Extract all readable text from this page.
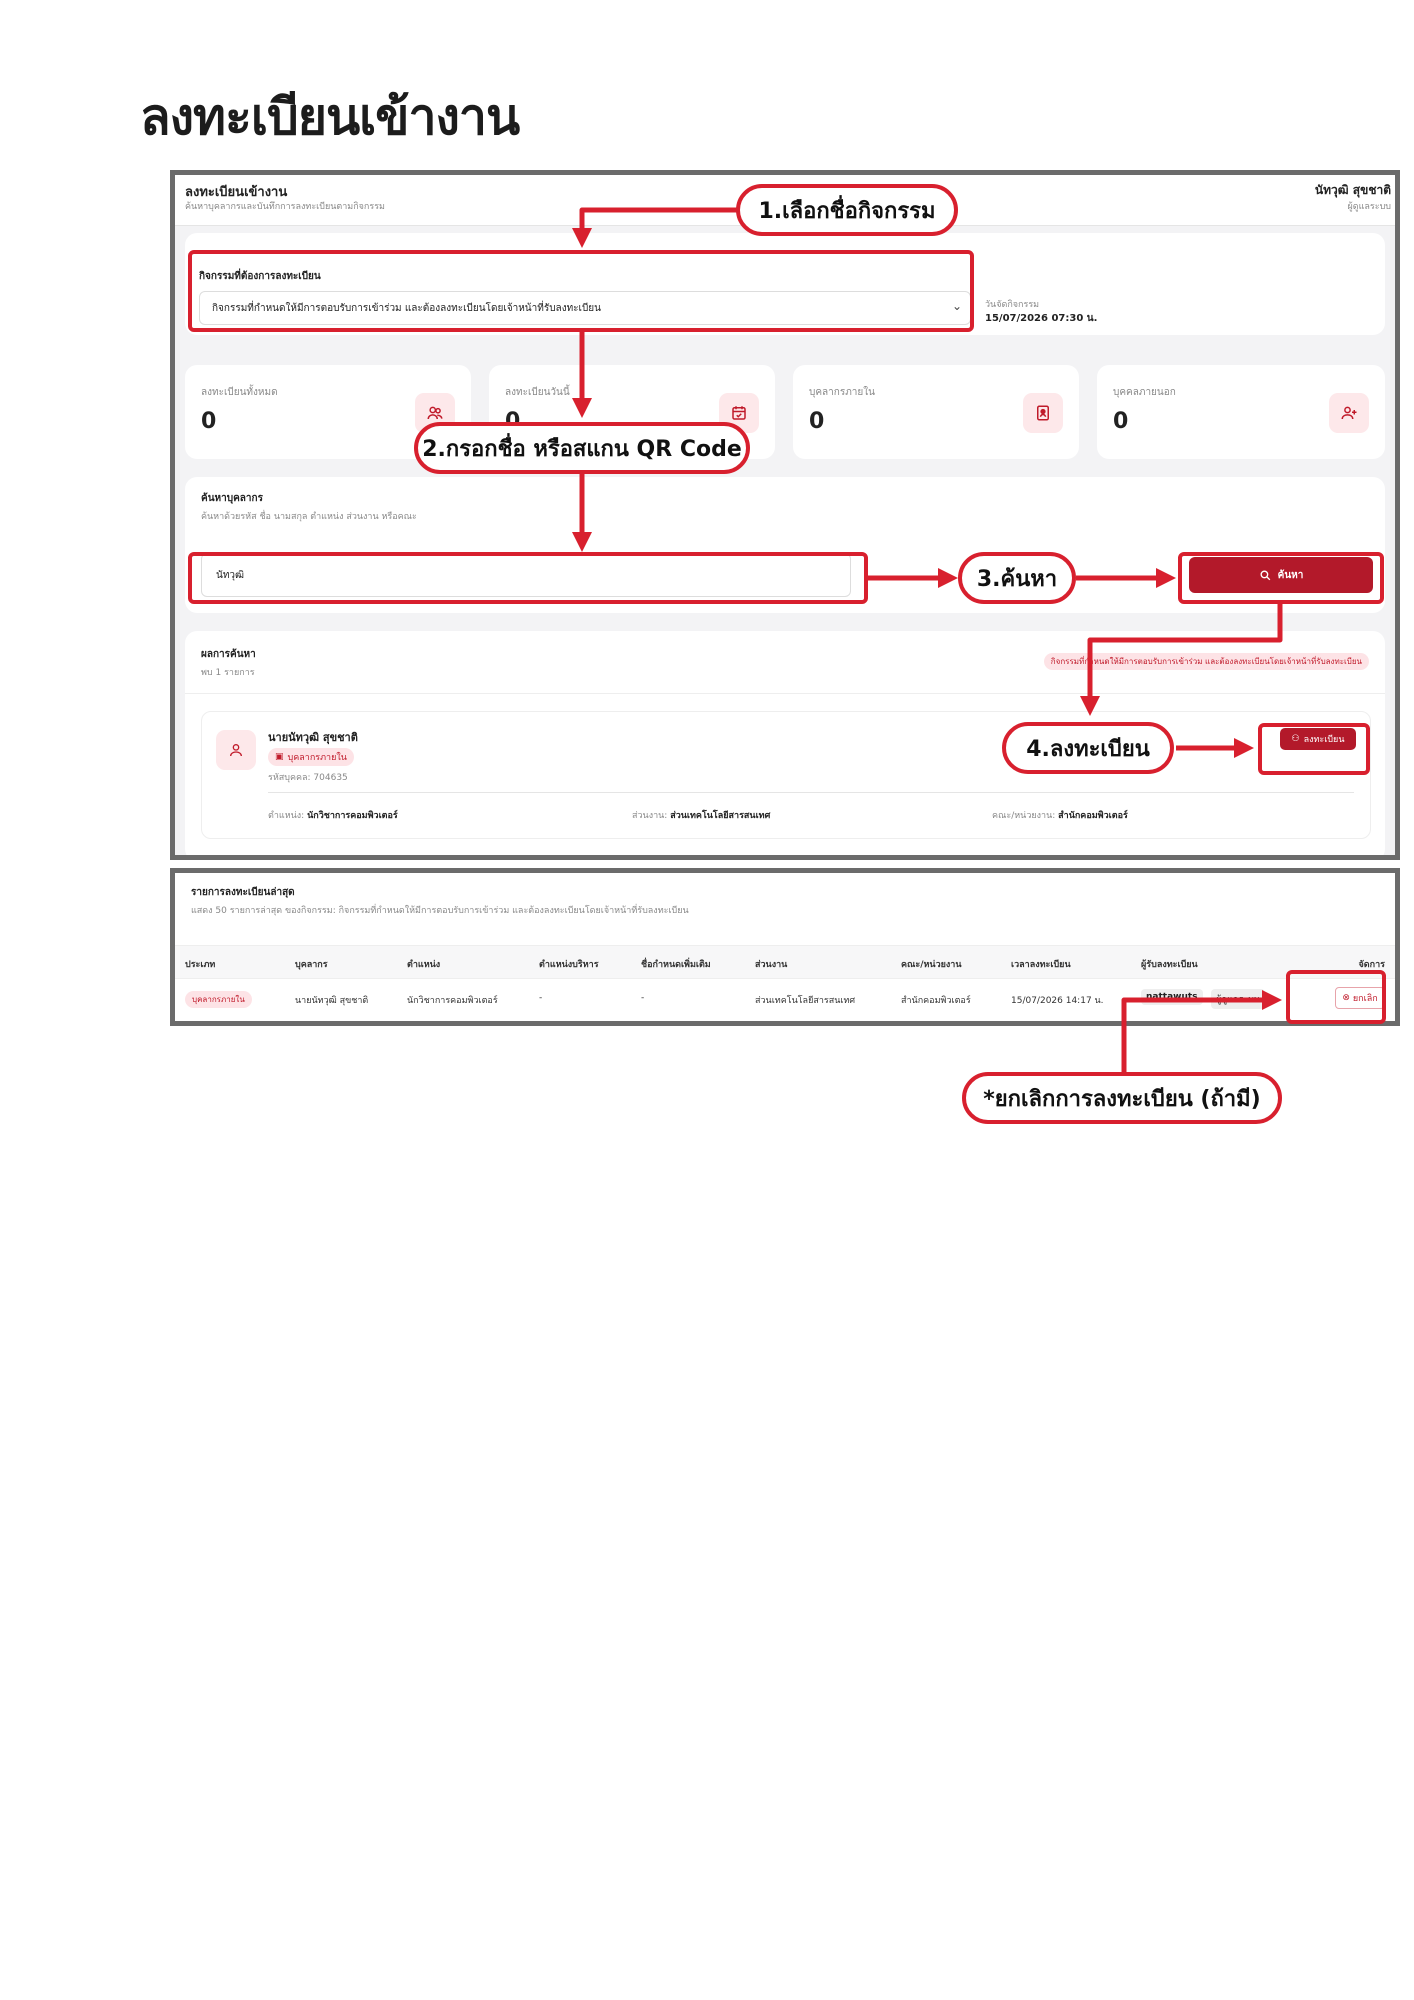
ลงทะเบียนเข้างาน
ลงทะเบียนเข้างาน
ค้นหาบุคลากรและบันทึกการลงทะเบียนตามกิจกรรม
นัทวุฒิ สุขชาติ
ผู้ดูแลระบบ
กิจกรรมที่ต้องการลงทะเบียน
กิจกรรมที่กำหนดให้มีการตอบรับการเข้าร่วม และต้องลงทะเบียนโดยเจ้าหน้าที่รับลงทะเบียน	⌄	วันจัดกิจกรรม
15/07/2026 07:30 น.
ลงทะเบียนทั้งหมด
0
ลงทะเบียนวันนี้	บุคลากรภายใน
0
บุคคลภายนอก
0
ค้นหาบุคลากร
ค้นหาด้วยรหัส ชื่อ นามสกุล ตำแหน่ง ส่วนงาน หรือคณะ
นัทวุฒิ	ค้นหา
ผลการค้นหา
พบ 1 รายการ
กิจกรรมที่กำหนดให้มีการตอบรับการเข้าร่วม และต้องลงทะเบียนโดยเจ้าหน้าที่รับลงทะเบียน
นายนัทวุฒิ สุขชาติ
▣ บุคลากรภายใน
รหัสบุคคล: 704635
ตำแหน่ง: นักวิชาการคอมพิวเตอร์	ส่วนงาน: ส่วนเทคโนโลยีสารสนเทศ	คณะ/หน่วยงาน: สำนักคอมพิวเตอร์
⚇ ลงทะเบียน
รายการลงทะเบียนล่าสุด
แสดง 50 รายการล่าสุด ของกิจกรรม: กิจกรรมที่กำหนดให้มีการตอบรับการเข้าร่วม และต้องลงทะเบียนโดยเจ้าหน้าที่รับลงทะเบียน
ประเภท	บุคลากร	ตำแหน่ง	ตำแหน่งบริหาร	ชื่อกำหนดเพิ่มเติม	ส่วนงาน	คณะ/หน่วยงาน	เวลาลงทะเบียน	ผู้รับลงทะเบียน	จัดการ
บุคลากรภายใน	นายนัทวุฒิ สุขชาติ	นักวิชาการคอมพิวเตอร์	-	-	ส่วนเทคโนโลยีสารสนเทศ	สำนักคอมพิวเตอร์	15/07/2026 14:17 น.	nattawuts	ผู้ดูแลระบบ	⊗ ยกเลิก
1.เลือกชื่อกิจกรรม
2.กรอกชื่อ หรือสแกน QR Code
3.ค้นหา
4.ลงทะเบียน
*ยกเลิกการลงทะเบียน (ถ้ามี)
